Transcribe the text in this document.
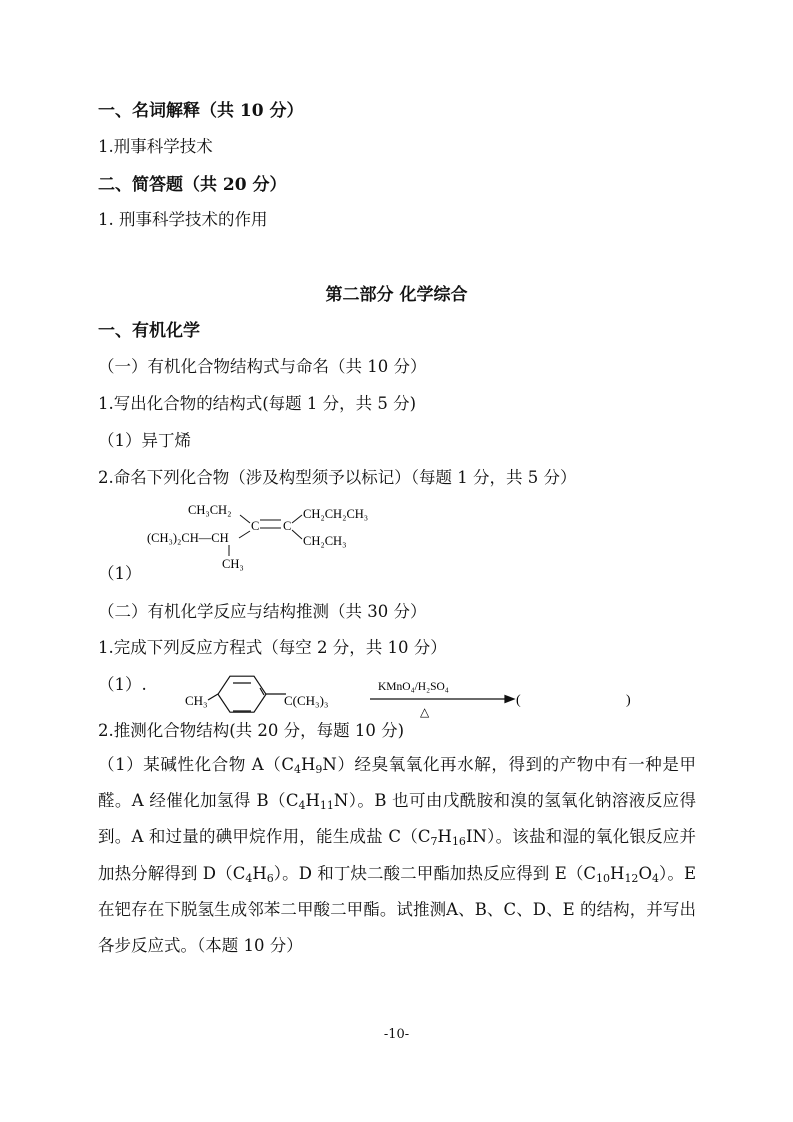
一、名词解释（共 10 分）
1.刑事科学技术
二、简答题（共 20 分）
1. 刑事科学技术的作用
第二部分 化学综合
一、有机化学
（一）有机化合物结构式与命名（共 10 分）
1.写出化合物的结构式(每题 1 分，共 5 分)
（1）异丁烯
2.命名下列化合物（涉及构型须予以标记）（每题 1 分，共 5 分）
CH₃CH₂
(CH₃)₂CH—CH
CH₃
C C
CH₂CH₂CH₃
CH₂CH₃
（1）
（二）有机化学反应与结构推测（共 30 分）
1.完成下列反应方程式（每空 2 分，共 10 分）
（1）.
CH₃	C(CH₃)₃
KMnO₄/H₂SO₄
△
(	)
2.推测化合物结构(共 20 分，每题 10 分)
（1）某碱性化合物 $A(C_4H_9N)$经臭氧氧化再水解，得到的产物中有一种是甲醛。A 经催化加氢得 $B(C_4H_{11}N)$。B 也可由戊酰胺和溴的氢氧化钠溶液反应得到。A 和过量的碘甲烷作用，能生成盐 $C(C_7H_{16}IN)$。该盐和湿的氧化银反应并加热分解得到 $D(C_4H_6)$。D 和丁炔二酸二甲酯加热反应得到 $E(C_{10}H_{12}O_4)$。E 在钯存在下脱氢生成邻苯二甲酸二甲酯。试推测A、B、C、D、E 的结构，并写出各步反应式。（本题 10 分）
-10-
